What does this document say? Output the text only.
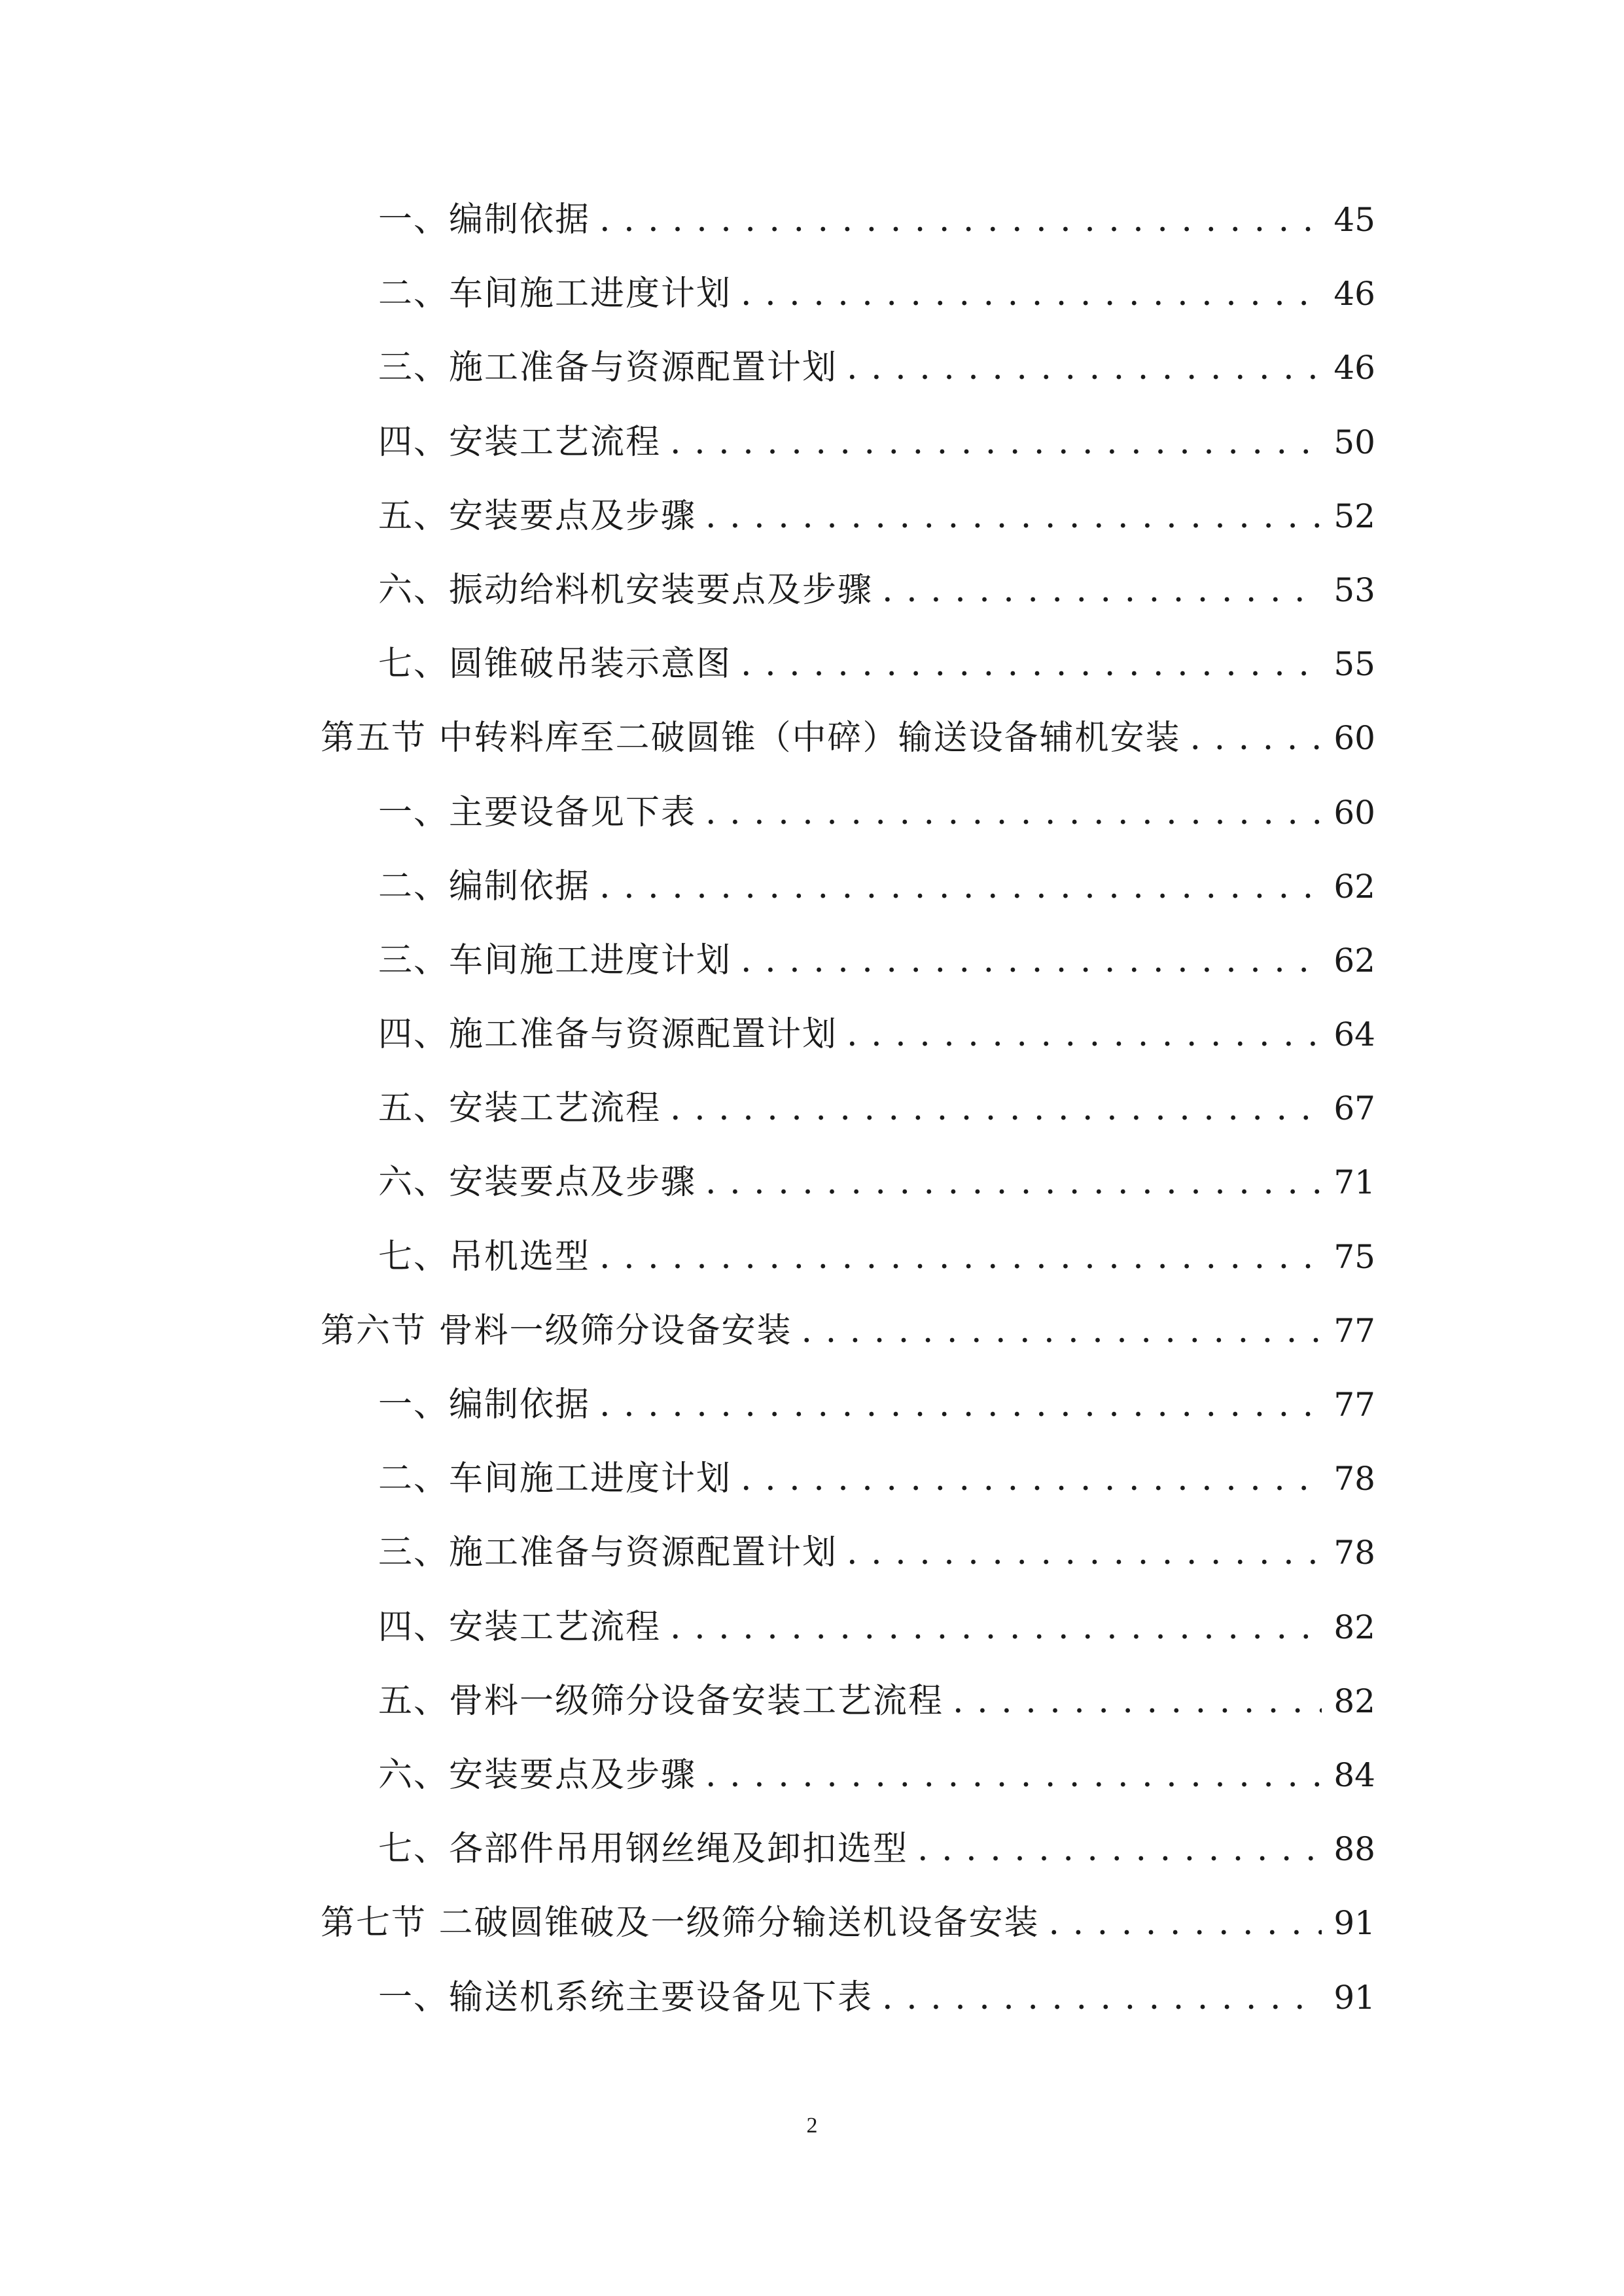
一、编制依据 . . .	45
二、车间施工进度计划 . . .	46
三、施工准备与资源配置计划 . . .	46
四、安装工艺流程 . . .	50
五、安装要点及步骤 . . .	52
六、振动给料机安装要点及步骤 . . .	53
七、圆锥破吊装示意图 . . .	55
第五节 中转料库至二破圆锥（中碎）输送设备辅机安装 . . .	60
一、主要设备见下表 . . .	60
二、编制依据 . . .	62
三、车间施工进度计划 . . .	62
四、施工准备与资源配置计划 . . .	64
五、安装工艺流程 . . .	67
六、安装要点及步骤 . . .	71
七、吊机选型 . . .	75
第六节 骨料一级筛分设备安装 . . .	77
一、编制依据 . . .	77
二、车间施工进度计划 . . .	78
三、施工准备与资源配置计划 . . .	78
四、安装工艺流程 . . .	82
五、骨料一级筛分设备安装工艺流程 . . .	82
六、安装要点及步骤 . . .	84
七、各部件吊用钢丝绳及卸扣选型 . . .	88
第七节 二破圆锥破及一级筛分输送机设备安装 . . .	91
一、输送机系统主要设备见下表 . . .	91
2
